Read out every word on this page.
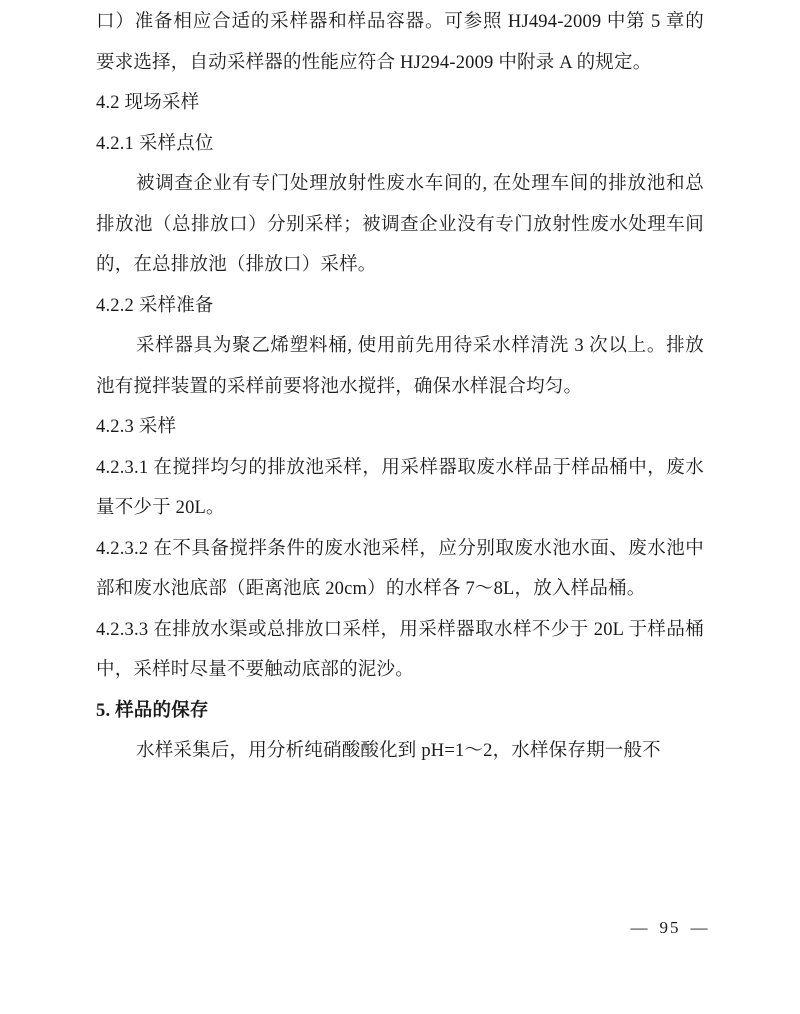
口）准备相应合适的采样器和样品容器。可参照 HJ494-2009 中第 5 章的要求选择，自动采样器的性能应符合 HJ294-2009 中附录 A 的规定。

4.2 现场采样

4.2.1 采样点位

被调查企业有专门处理放射性废水车间的, 在处理车间的排放池和总排放池（总排放口）分别采样；被调查企业没有专门放射性废水处理车间的，在总排放池（排放口）采样。

4.2.2 采样准备

采样器具为聚乙烯塑料桶, 使用前先用待采水样清洗 3 次以上。排放池有搅拌装置的采样前要将池水搅拌，确保水样混合均匀。

4.2.3 采样

4.2.3.1 在搅拌均匀的排放池采样，用采样器取废水样品于样品桶中，废水量不少于 20L。

4.2.3.2 在不具备搅拌条件的废水池采样，应分别取废水池水面、废水池中部和废水池底部（距离池底 20cm）的水样各 7～8L，放入样品桶。

4.2.3.3 在排放水渠或总排放口采样，用采样器取水样不少于 20L 于样品桶中，采样时尽量不要触动底部的泥沙。

5. 样品的保存

水样采集后，用分析纯硝酸酸化到 pH=1～2，水样保存期一般不

— 95 —
